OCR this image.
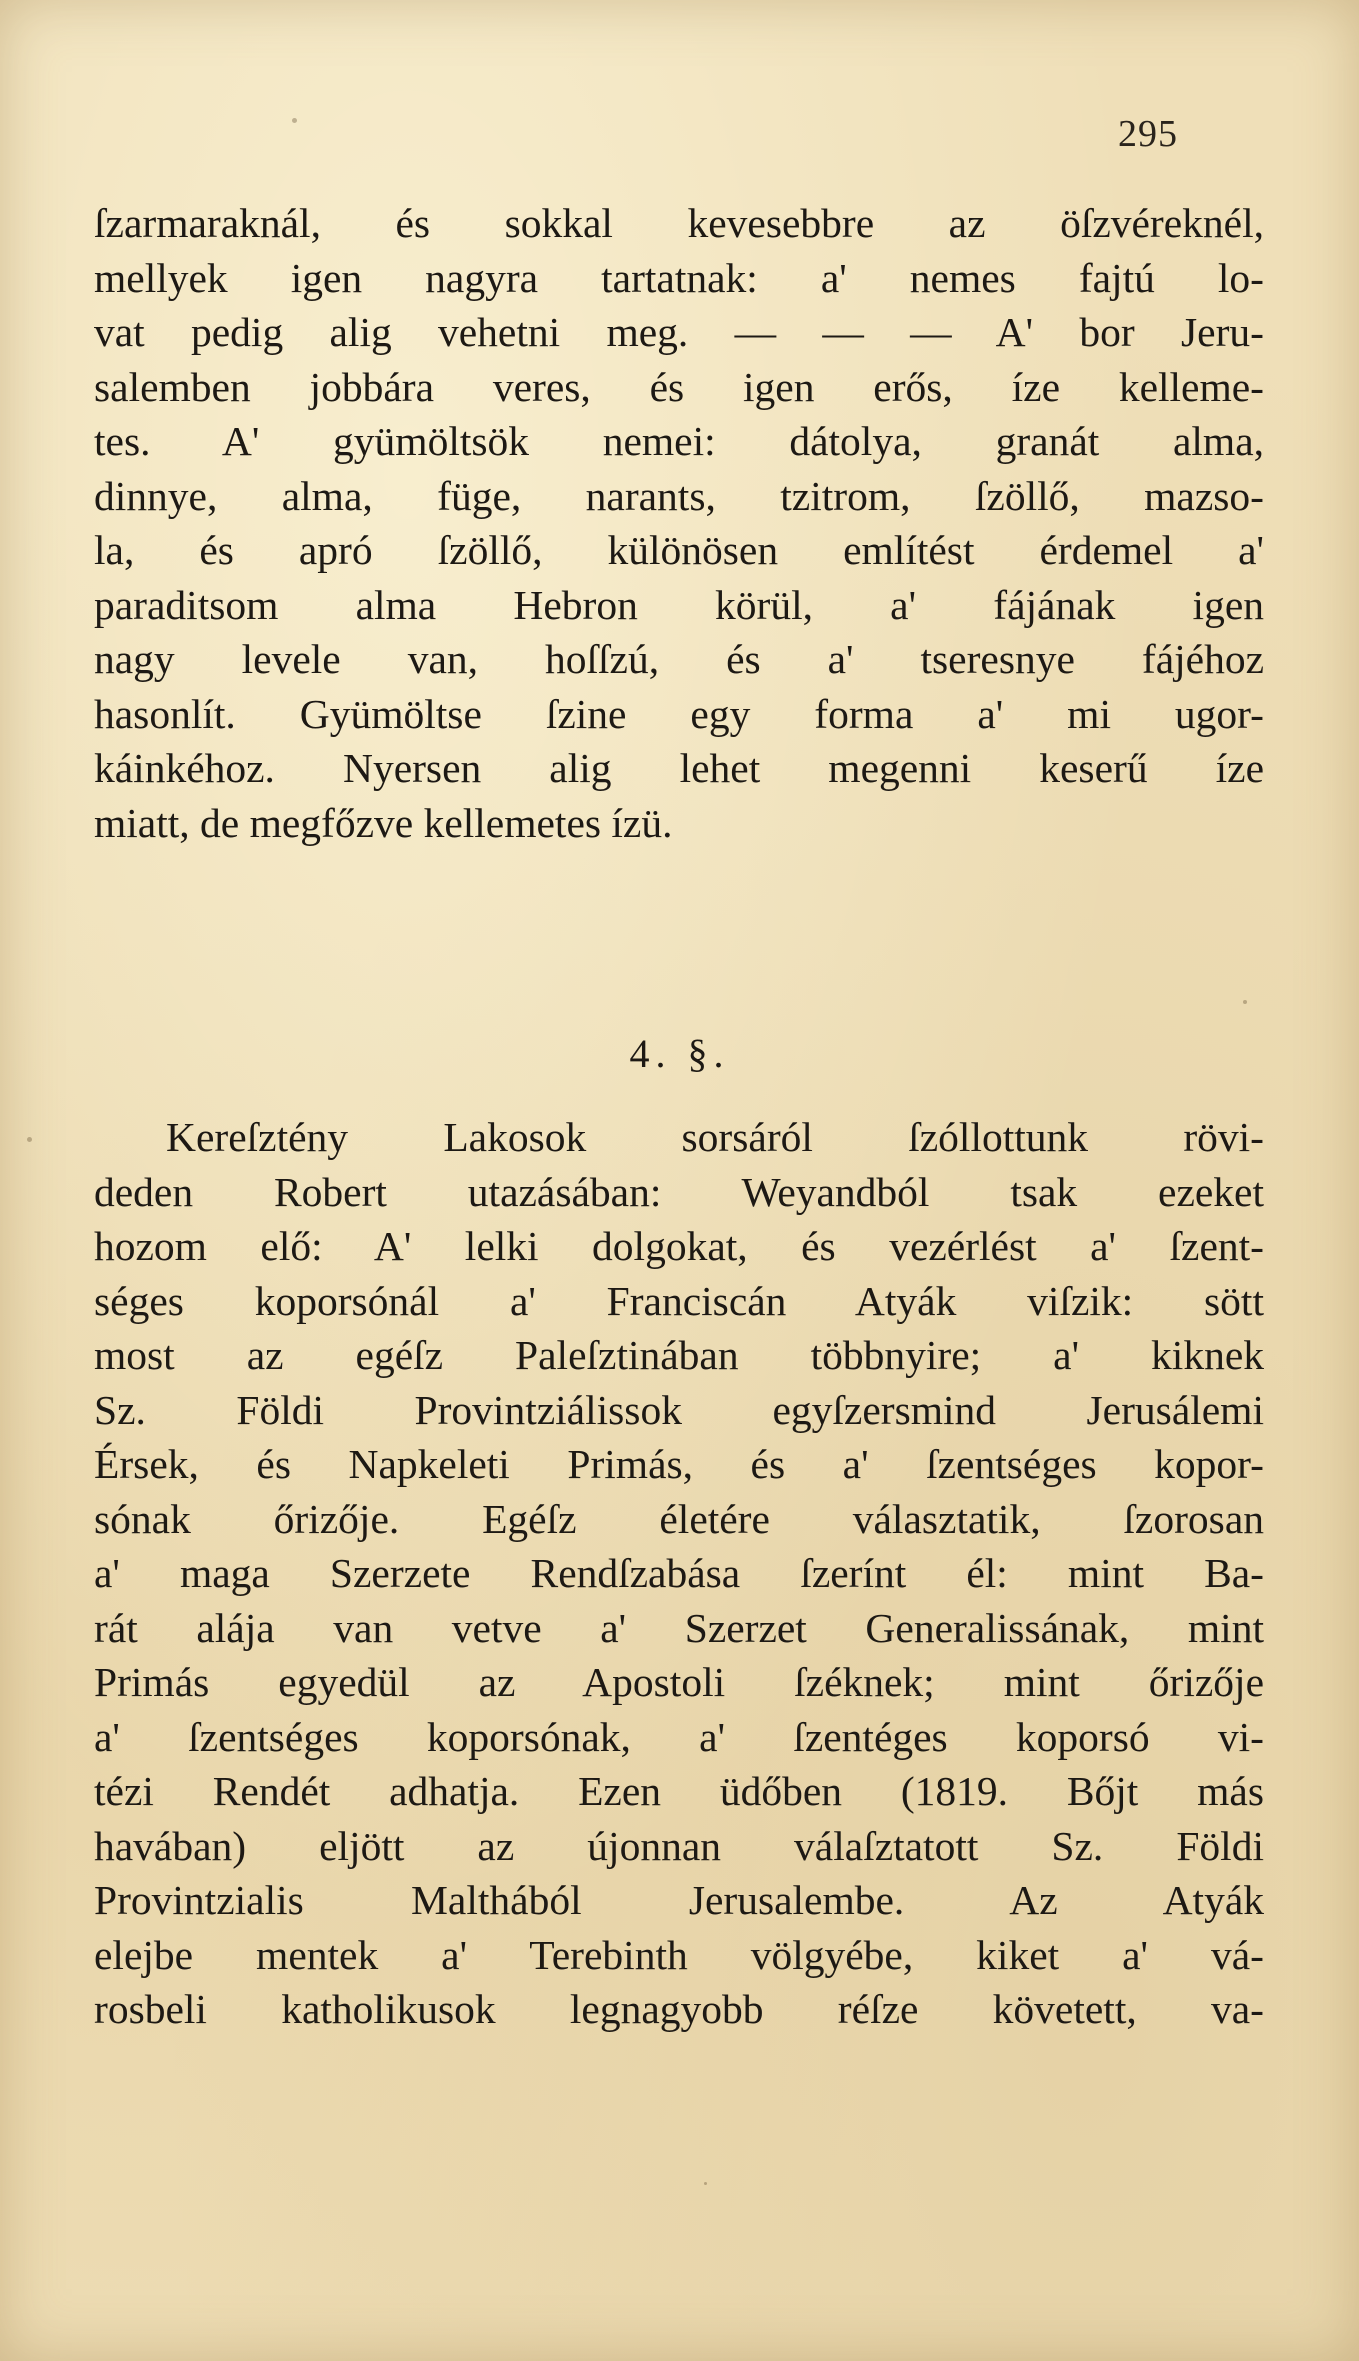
295
ſzarmaraknál, és sokkal kevesebbre az öſzvéreknél,
mellyek igen nagyra tartatnak: a' nemes fajtú lo-
vat pedig alig vehetni meg. — — — A' bor Jeru-
salemben jobbára veres, és igen erős, íze kelleme-
tes. A' gyümöltsök nemei: dátolya, granát alma,
dinnye, alma, füge, narants, tzitrom, ſzöllő, mazso-
la, és apró ſzöllő, különösen említést érdemel a'
paraditsom alma Hebron körül, a' fájának igen
nagy levele van, hoſſzú, és a' tseresnye fájéhoz
hasonlít. Gyümöltse ſzine egy forma a' mi ugor-
káinkéhoz. Nyersen alig lehet megenni keserű íze
miatt, de megfőzve kellemetes ízü.
4. §.
Kereſztény Lakosok sorsáról ſzóllottunk rövi-
deden Robert utazásában: Weyandból tsak ezeket
hozom elő: A' lelki dolgokat, és vezérlést a' ſzent-
séges koporsónál a' Franciscán Atyák viſzik: sött
most az egéſz Paleſztinában többnyire; a' kiknek
Sz. Földi Provintziálissok egyſzersmind Jerusálemi
Érsek, és Napkeleti Primás, és a' ſzentséges kopor-
sónak őrizője. Egéſz életére választatik, ſzorosan
a' maga Szerzete Rendſzabása ſzerínt él: mint Ba-
rát alája van vetve a' Szerzet Generalissának, mint
Primás egyedül az Apostoli ſzéknek; mint őrizője
a' ſzentséges koporsónak, a' ſzentéges koporsó vi-
tézi Rendét adhatja. Ezen üdőben (1819. Bőjt más
havában) eljött az újonnan válaſztatott Sz. Földi
Provintzialis Malthából Jerusalembe. Az Atyák
elejbe mentek a' Terebinth völgyébe, kiket a' vá-
rosbeli katholikusok legnagyobb réſze követett, va-
